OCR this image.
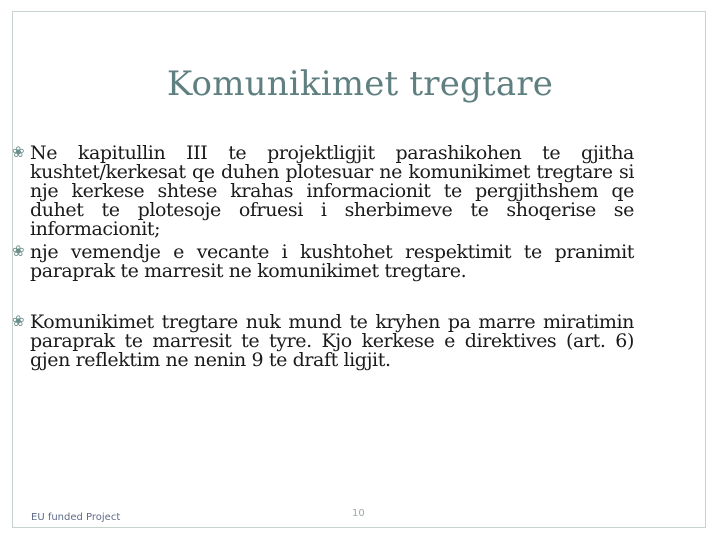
Komunikimet tregtare
❀ Ne kapitullin III te projektligjit parashikohen te gjitha kushtet/kerkesat qe duhen plotesuar ne komunikimet tregtare si nje kerkese shtese krahas informacionit te pergjithshem qe duhet te plotesoje ofruesi i sherbimeve te shoqerise se informacionit;
❀ nje vemendje e vecante i kushtohet respektimit te pranimit paraprak te marresit ne komunikimet tregtare.
❀ Komunikimet tregtare nuk mund te kryhen pa marre miratimin paraprak te marresit te tyre. Kjo kerkese e direktives (art. 6) gjen reflektim ne nenin 9 te draft ligjit.
EU funded Project	10
